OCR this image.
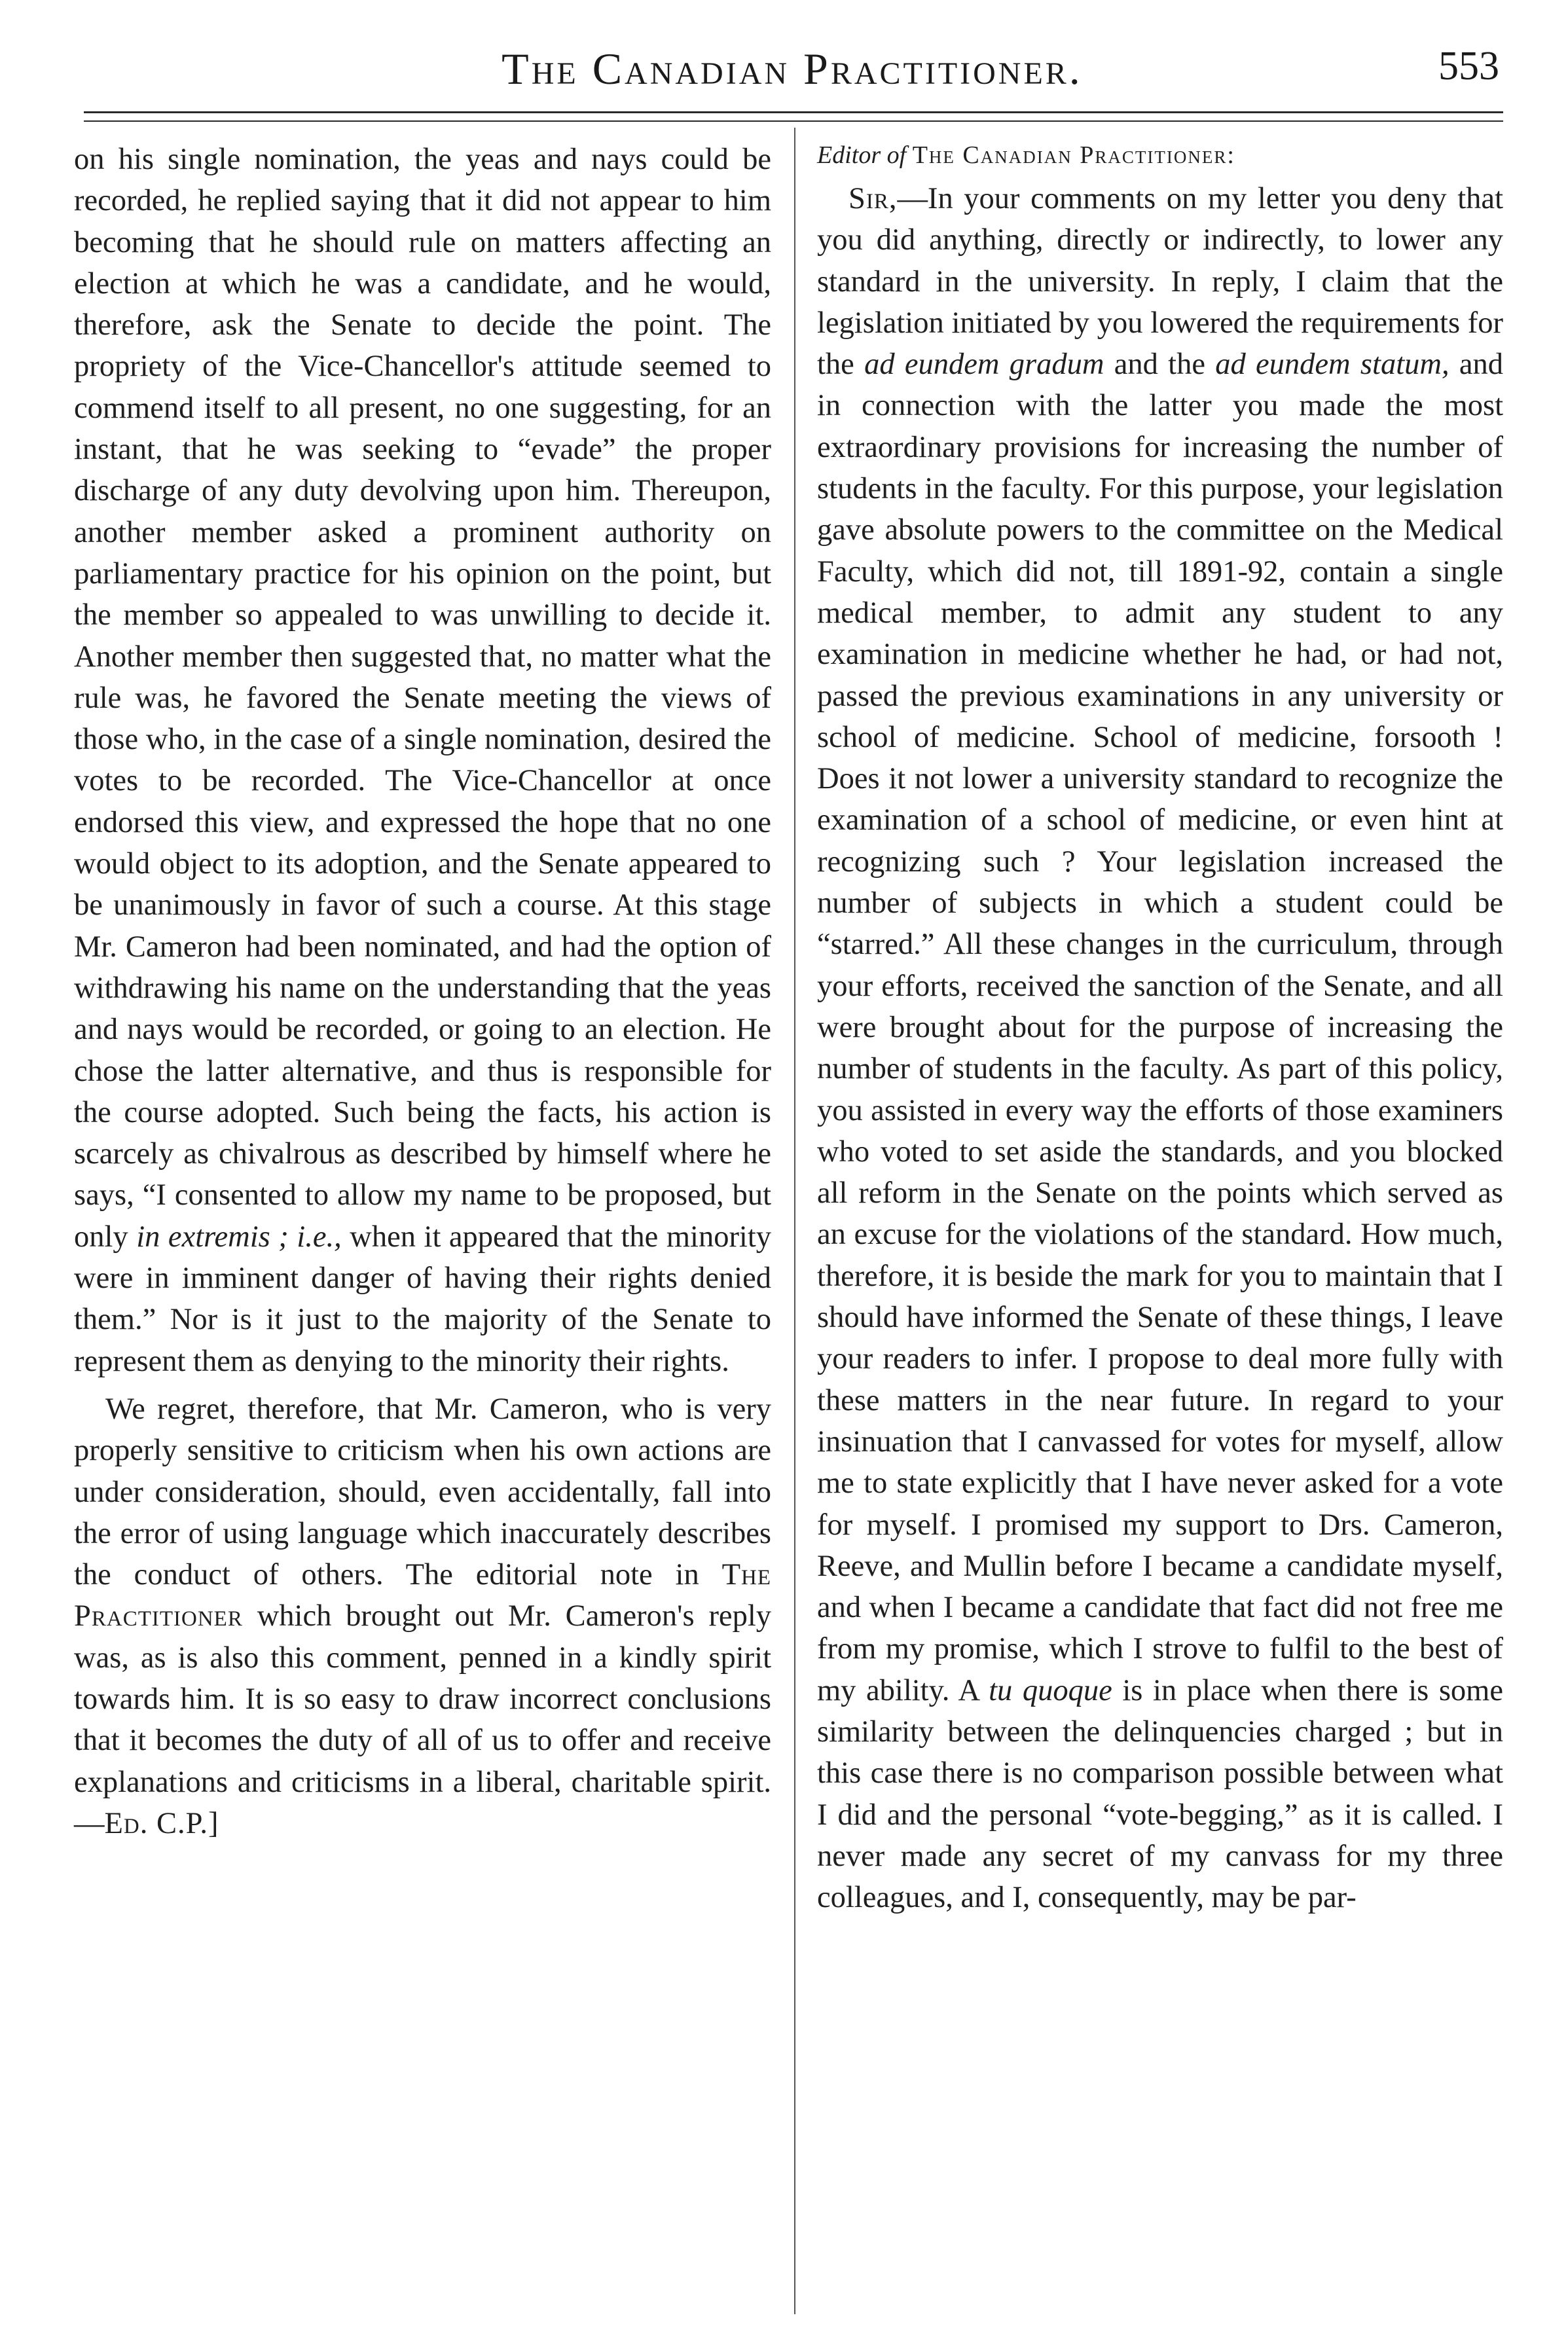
The Canadian Practitioner.	553

on his single nomination, the yeas and nays could be recorded, he replied saying that it did not appear to him becoming that he should rule on matters affecting an election at which he was a candidate, and he would, therefore, ask the Senate to decide the point. The propriety of the Vice-Chancellor's attitude seemed to commend itself to all present, no one suggesting, for an instant, that he was seeking to “evade” the proper discharge of any duty devolving upon him. Thereupon, another member asked a prominent authority on parliamentary practice for his opinion on the point, but the member so appealed to was unwilling to decide it. Another member then suggested that, no matter what the rule was, he favored the Senate meeting the views of those who, in the case of a single nomination, desired the votes to be recorded. The Vice-Chancellor at once endorsed this view, and expressed the hope that no one would object to its adoption, and the Senate appeared to be unanimously in favor of such a course. At this stage Mr. Cameron had been nominated, and had the option of withdrawing his name on the understanding that the yeas and nays would be recorded, or going to an election. He chose the latter alternative, and thus is responsible for the course adopted. Such being the facts, his action is scarcely as chivalrous as described by himself where he says, “I consented to allow my name to be proposed, but only in extremis ; i.e., when it appeared that the minority were in imminent danger of having their rights denied them.” Nor is it just to the majority of the Senate to represent them as denying to the minority their rights.

We regret, therefore, that Mr. Cameron, who is very properly sensitive to criticism when his own actions are under consideration, should, even accidentally, fall into the error of using language which inaccurately describes the conduct of others. The editorial note in The Practitioner which brought out Mr. Cameron's reply was, as is also this comment, penned in a kindly spirit towards him. It is so easy to draw incorrect conclusions that it becomes the duty of all of us to offer and receive explanations and criticisms in a liberal, charitable spirit.—Ed. C.P.]

Editor of The Canadian Practitioner:

Sir,—In your comments on my letter you deny that you did anything, directly or indirectly, to lower any standard in the university. In reply, I claim that the legislation initiated by you lowered the requirements for the ad eundem gradum and the ad eundem statum, and in connection with the latter you made the most extraordinary provisions for increasing the number of students in the faculty. For this purpose, your legislation gave absolute powers to the committee on the Medical Faculty, which did not, till 1891-92, contain a single medical member, to admit any student to any examination in medicine whether he had, or had not, passed the previous examinations in any university or school of medicine. School of medicine, forsooth ! Does it not lower a university standard to recognize the examination of a school of medicine, or even hint at recognizing such ? Your legislation increased the number of subjects in which a student could be “starred.” All these changes in the curriculum, through your efforts, received the sanction of the Senate, and all were brought about for the purpose of increasing the number of students in the faculty. As part of this policy, you assisted in every way the efforts of those examiners who voted to set aside the standards, and you blocked all reform in the Senate on the points which served as an excuse for the violations of the standard. How much, therefore, it is beside the mark for you to maintain that I should have informed the Senate of these things, I leave your readers to infer. I propose to deal more fully with these matters in the near future. In regard to your insinuation that I canvassed for votes for myself, allow me to state explicitly that I have never asked for a vote for myself. I promised my support to Drs. Cameron, Reeve, and Mullin before I became a candidate myself, and when I became a candidate that fact did not free me from my promise, which I strove to fulfil to the best of my ability. A tu quoque is in place when there is some similarity between the delinquencies charged ; but in this case there is no comparison possible between what I did and the personal “vote-begging,” as it is called. I never made any secret of my canvass for my three colleagues, and I, consequently, may be par-
